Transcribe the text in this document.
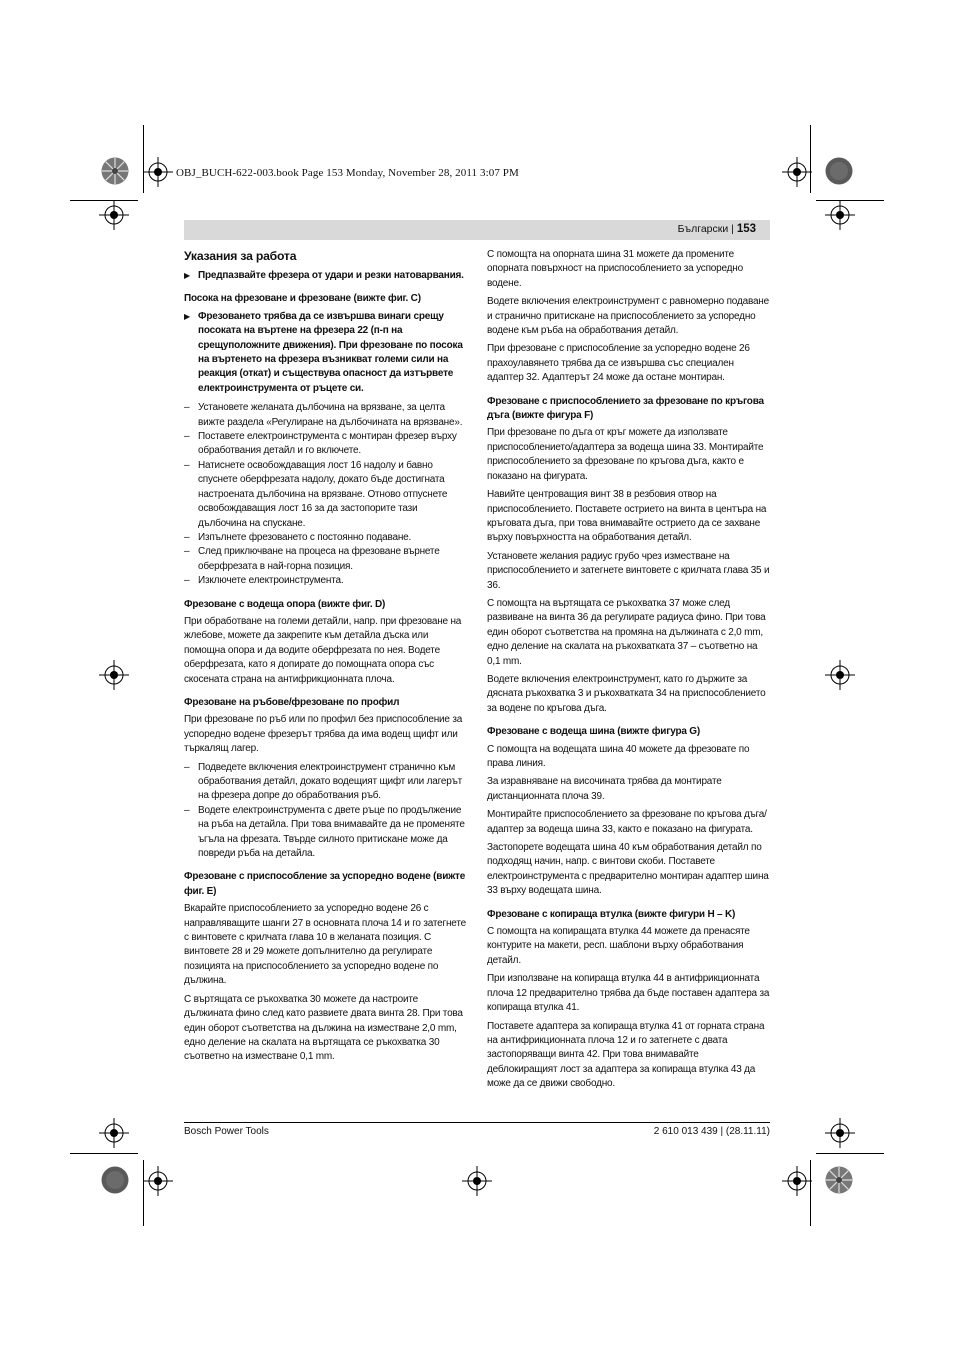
OBJ_BUCH-622-003.book Page 153 Monday, November 28, 2011 3:07 PM
Български | 153
Указания за работа
▶ Предпазвайте фрезера от удари и резки натоварвания.
Посока на фрезоване и фрезоване (вижте фиг. С)
▶ Фрезоването трябва да се извършва винаги срещу посоката на въртене на фрезера 22 (п-п на срещуположните движения). При фрезоване по посока на въртенето на фрезера възникват големи сили на реакция (откат) и съществува опасност да изтървете електроинструмента от ръцете си.
– Установете желаната дълбочина на врязване, за целта вижте раздела «Регулиране на дълбочината на врязване».
– Поставете електроинструмента с монтиран фрезер върху обработвания детайл и го включете.
– Натиснете освобождаващия лост 16 надолу и бавно спуснете оберфрезата надолу, докато бъде достигната настроената дълбочина на врязване. Отново отпуснете освобождаващия лост 16 за да застопорите тази дълбочина на спускане.
– Изпълнете фрезоването с постоянно подаване.
– След приключване на процеса на фрезоване върнете оберфрезата в най-горна позиция.
– Изключете електроинструмента.
Фрезоване с водеща опора (вижте фиг. D)

При обработване на големи детайли, напр. при фрезоване на жлебове, можете да закрепите към детайла дъска или помощна опора и да водите оберфрезата по нея. Водете оберфрезата, като я допирате до помощната опора със скосената страна на антифрикционната плоча.

Фрезоване на ръбове/фрезоване по профил

При фрезоване по ръб или по профил без приспособление за успоредно водене фрезерът трябва да има водещ щифт или търкалящ лагер.

– Подведете включения електроинструмент странично към обработвания детайл, докато водещият щифт или лагерът на фрезера допре до обработвания ръб.
– Водете електроинструмента с двете ръце по продължение на ръба на детайла. При това внимавайте да не променяте ъгъла на фрезата. Твърде силното притискане може да повреди ръба на детайла.
Фрезоване с приспособление за успоредно водене (вижте фиг. Е)

Вкарайте приспособлението за успоредно водене 26 с направляващите шанги 27 в основната плоча 14 и го затегнете с винтовете с крилчата глава 10 в желаната позиция. С винтовете 28 и 29 можете допълнително да регулирате позицията на приспособлението за успоредно водене по дължина.

С въртящата се ръкохватка 30 можете да настроите дължината фино след като развиете двата винта 28. При това един оборот съответства на дължина на изместване 2,0 mm, едно деление на скалата на въртящата се ръкохватка 30 съответно на изместване 0,1 mm.

С помощта на опорната шина 31 можете да промените опорната повърхност на приспособлението за успоредно водене.

Водете включения електроинструмент с равномерно подаване и странично притискане на приспособлението за успоредно водене към ръба на обработвания детайл.

При фрезоване с приспособление за успоредно водене 26 прахоулавянето трябва да се извършва със специален адаптер 32. Адаптерът 24 може да остане монтиран.

Фрезоване с приспособлението за фрезоване по кръгова дъга (вижте фигура F)

При фрезоване по дъга от кръг можете да използвате приспособлението/адаптера за водеща шина 33. Монтирайте приспособлението за фрезоване по кръгова дъга, както е показано на фигурата.

Навийте центроващия винт 38 в резбовия отвор на приспособлението. Поставете острието на винта в центъра на кръговата дъга, при това внимавайте острието да се захване върху повърхността на обработвания детайл.

Установете желания радиус грубо чрез изместване на приспособлението и затегнете винтовете с крилчата глава 35 и 36.

С помощта на въртящата се ръкохватка 37 може след развиване на винта 36 да регулирате радиуса фино. При това един оборот съответства на промяна на дължината с 2,0 mm, едно деление на скалата на ръкохватката 37 – съответно на 0,1 mm.

Водете включения електроинструмент, като го държите за дясната ръкохватка 3 и ръкохватката 34 на приспособлението за водене по кръгова дъга.

Фрезоване с водеща шина (вижте фигура G)

С помощта на водещата шина 40 можете да фрезовате по права линия.

За изравняване на височината трябва да монтирате дистанционната плоча 39.

Монтирайте приспособлението за фрезоване по кръгова дъга/адаптер за водеща шина 33, както е показано на фигурата.

Застопорете водещата шина 40 към обработвания детайл по подходящ начин, напр. с винтови скоби. Поставете електроинструмента с предварително монтиран адаптер шина 33 върху водещата шина.

Фрезоване с копираща втулка (вижте фигури H – K)

С помощта на копиращата втулка 44 можете да пренасяте контурите на макети, респ. шаблони върху обработвания детайл.

При използване на копираща втулка 44 в антифрикционната плоча 12 предварително трябва да бъде поставен адаптера за копираща втулка 41.

Поставете адаптера за копираща втулка 41 от горната страна на антифрикционната плоча 12 и го затегнете с двата застопоряващи винта 42. При това внимавайте деблокиращият лост за адаптера за копираща втулка 43 да може да се движи свободно.

Bosch Power Tools	2 610 013 439 | (28.11.11)
